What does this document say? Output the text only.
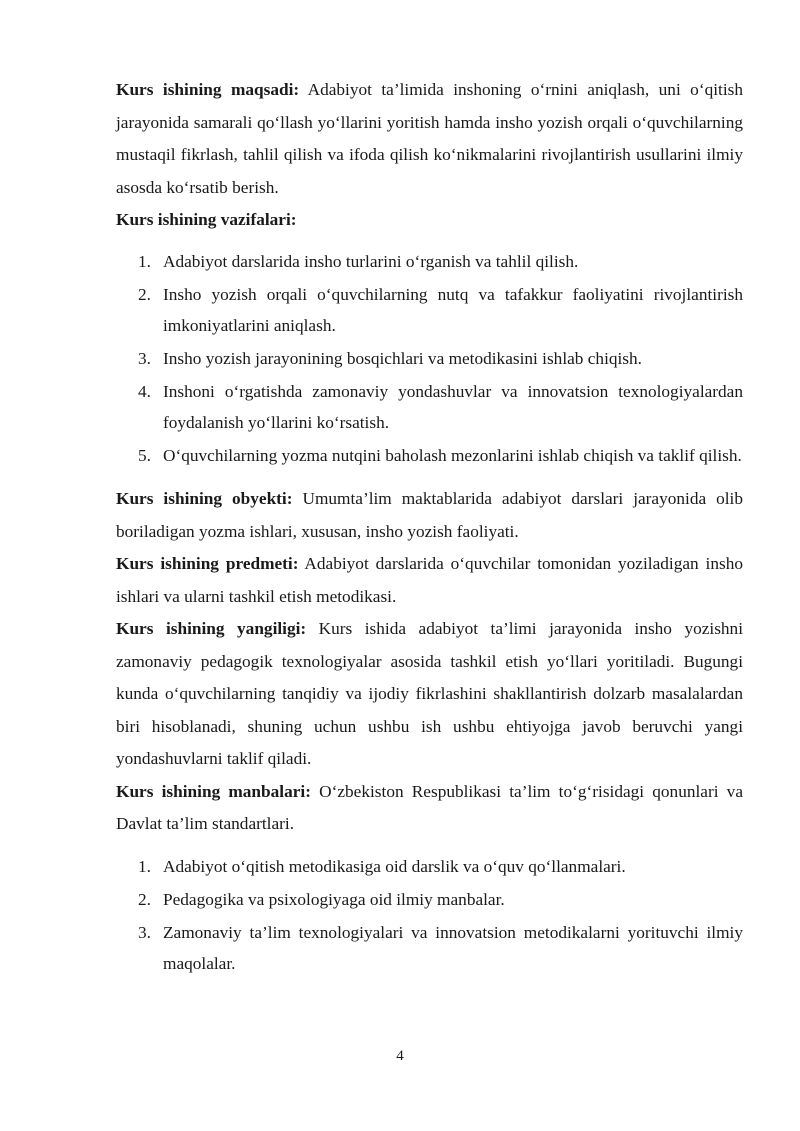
Kurs ishining maqsadi: Adabiyot ta’limida inshoning o‘rnini aniqlash, uni o‘qitish jarayonida samarali qo‘llash yo‘llarini yoritish hamda insho yozish orqali o‘quvchilarning mustaqil fikrlash, tahlil qilish va ifoda qilish ko‘nikmalarini rivojlantirish usullarini ilmiy asosda ko‘rsatib berish.

Kurs ishining vazifalari:
1. Adabiyot darslarida insho turlarini o‘rganish va tahlil qilish.
2. Insho yozish orqali o‘quvchilarning nutq va tafakkur faoliyatini rivojlantirish imkoniyatlarini aniqlash.
3. Insho yozish jarayonining bosqichlari va metodikasini ishlab chiqish.
4. Inshoni o‘rgatishda zamonaviy yondashuvlar va innovatsion texnologiyalardan foydalanish yo‘llarini ko‘rsatish.
5. O‘quvchilarning yozma nutqini baholash mezonlarini ishlab chiqish va taklif qilish.

Kurs ishining obyekti: Umumta’lim maktablarida adabiyot darslari jarayonida olib boriladigan yozma ishlari, xususan, insho yozish faoliyati.

Kurs ishining predmeti: Adabiyot darslarida o‘quvchilar tomonidan yoziladigan insho ishlari va ularni tashkil etish metodikasi.

Kurs ishining yangiligi: Kurs ishida adabiyot ta’limi jarayonida insho yozishni zamonaviy pedagogik texnologiyalar asosida tashkil etish yo‘llari yoritiladi. Bugungi kunda o‘quvchilarning tanqidiy va ijodiy fikrlashini shakllantirish dolzarb masalalardan biri hisoblanadi, shuning uchun ushbu ish ushbu ehtiyojga javob beruvchi yangi yondashuvlarni taklif qiladi.

Kurs ishining manbalari: O‘zbekiston Respublikasi ta’lim to‘g‘risidagi qonunlari va Davlat ta’lim standartlari.

1. Adabiyot o‘qitish metodikasiga oid darslik va o‘quv qo‘llanmalari.
2. Pedagogika va psixologiyaga oid ilmiy manbalar.
3. Zamonaviy ta’lim texnologiyalari va innovatsion metodikalarni yorituvchi ilmiy maqolalar.
4
